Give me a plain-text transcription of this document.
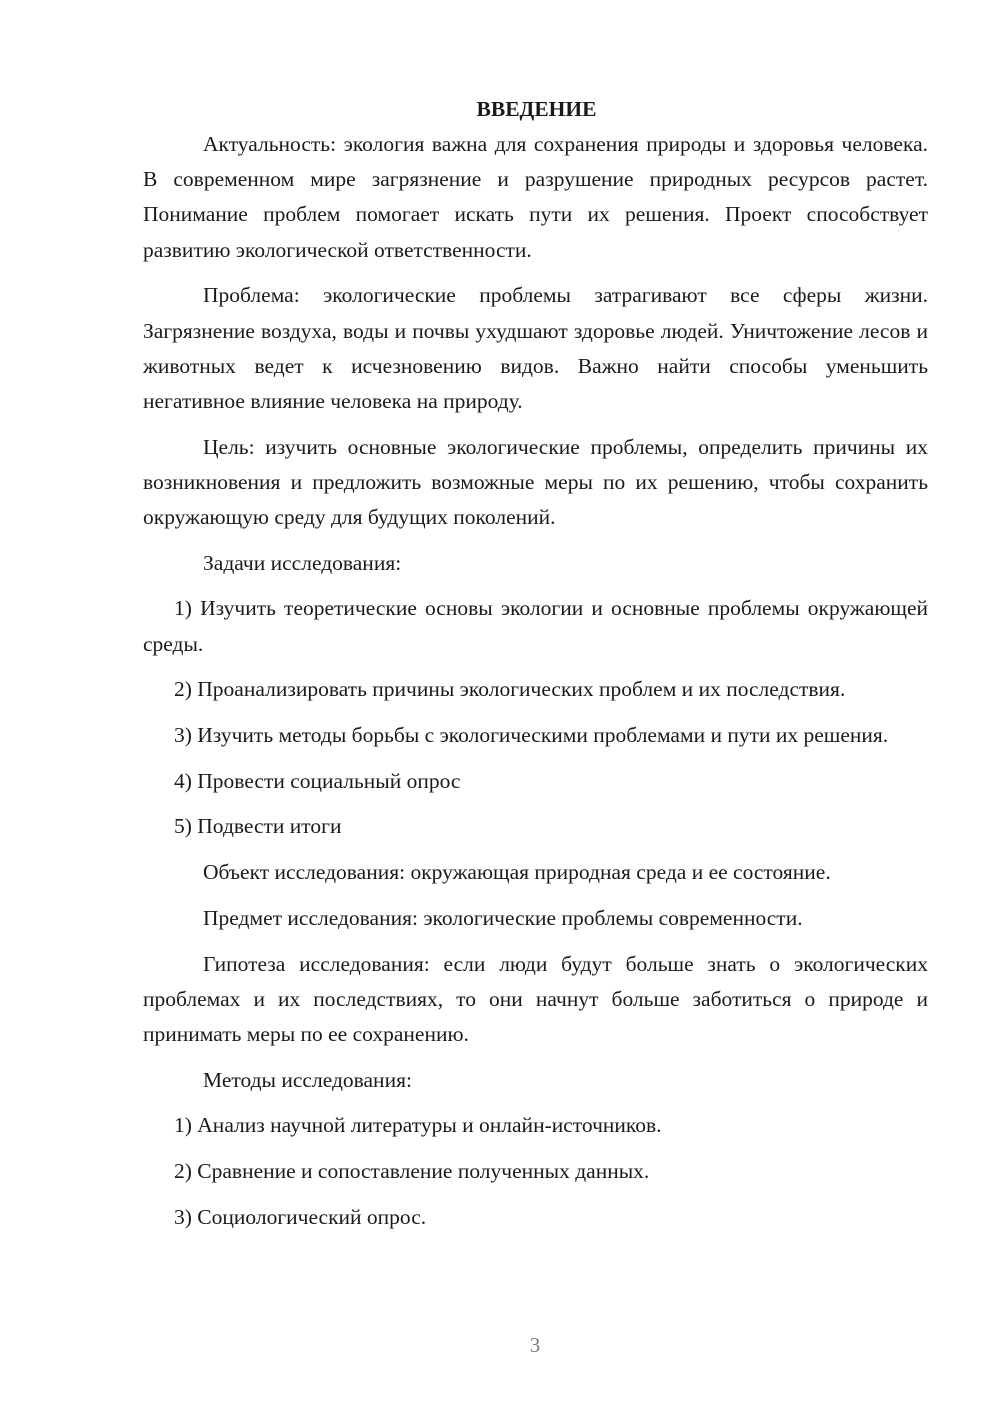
ВВЕДЕНИЕ

Актуальность: экология важна для сохранения природы и здоровья человека. В современном мире загрязнение и разрушение природных ресурсов растет. Понимание проблем помогает искать пути их решения. Проект способствует развитию экологической ответственности.

Проблема: экологические проблемы затрагивают все сферы жизни. Загрязнение воздуха, воды и почвы ухудшают здоровье людей. Уничтожение лесов и животных ведет к исчезновению видов. Важно найти способы уменьшить негативное влияние человека на природу.

Цель: изучить основные экологические проблемы, определить причины их возникновения и предложить возможные меры по их решению, чтобы сохранить окружающую среду для будущих поколений.

Задачи исследования:

1) Изучить теоретические основы экологии и основные проблемы окружающей среды.

2) Проанализировать причины экологических проблем и их последствия.

3) Изучить методы борьбы с экологическими проблемами и пути их решения.

4) Провести социальный опрос

5) Подвести итоги

Объект исследования: окружающая природная среда и ее состояние.

Предмет исследования: экологические проблемы современности.

Гипотеза исследования: если люди будут больше знать о экологических проблемах и их последствиях, то они начнут больше заботиться о природе и принимать меры по ее сохранению.

Методы исследования:

1) Анализ научной литературы и онлайн-источников.

2) Сравнение и сопоставление полученных данных.

3) Социологический опрос.

3
